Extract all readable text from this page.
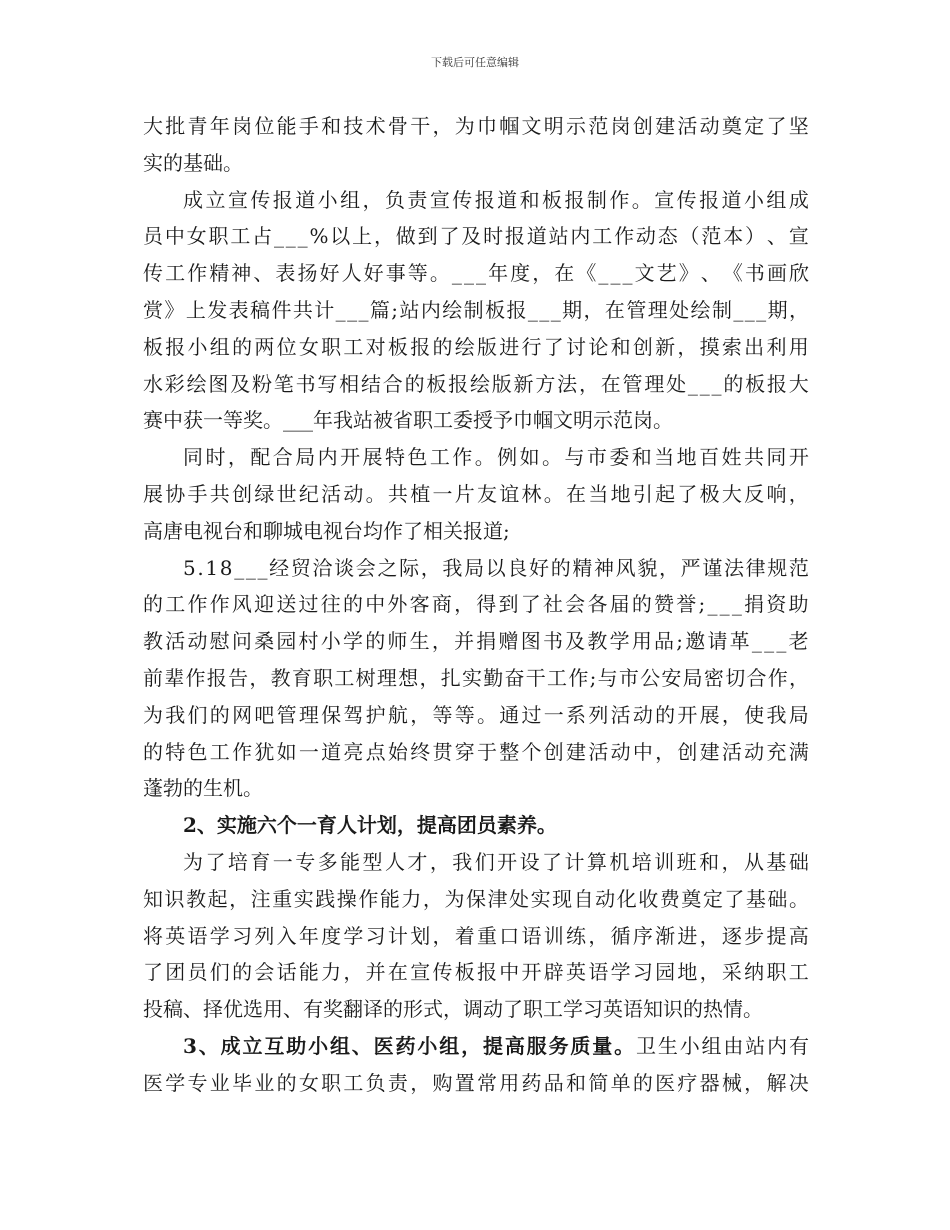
下载后可任意编辑
大 批 青 年 岗 位 能 手 和 技 术 骨 干 ， 为 巾 帼 文 明 示 范 岗 创 建 活 动 奠 定 了 坚
实 的 基 础 。
成 立 宣 传 报 道 小 组 ， 负 责 宣 传 报 道 和 板 报 制 作 。 宣 传 报 道 小 组 成
员 中 女 职 工 占 _ _ _ % 以 上 ， 做 到 了 及 时 报 道 站 内 工 作 动 态 （ 范 本 ） 、 宣
传 工 作 精 神 、 表 扬 好 人 好 事 等 。 _ _ _ 年 度 ， 在 《 _ _ _ 文 艺 》 、 《 书 画 欣
赏 》 上 发 表 稿 件 共 计 _ _ _ 篇 ; 站 内 绘 制 板 报 _ _ _ 期 ， 在 管 理 处 绘 制 _ _ _ 期 ，
板 报 小 组 的 两 位 女 职 工 对 板 报 的 绘 版 进 行 了 讨 论 和 创 新 ， 摸 索 出 利 用
水 彩 绘 图 及 粉 笔 书 写 相 结 合 的 板 报 绘 版 新 方 法 ， 在 管 理 处 _ _ _ 的 板 报 大
赛 中 获 一 等 奖 。 _ _ _ 年 我 站 被 省 职 工 委 授 予 巾 帼 文 明 示 范 岗 。
同 时 ， 配 合 局 内 开 展 特 色 工 作 。 例 如 。 与 市 委 和 当 地 百 姓 共 同 开
展 协 手 共 创 绿 世 纪 活 动 。 共 植 一 片 友 谊 林 。 在 当 地 引 起 了 极 大 反 响 ，
高 唐 电 视 台 和 聊 城 电 视 台 均 作 了 相 关 报 道 ;
5 . 1 8 _ _ _ 经 贸 洽 谈 会 之 际 ， 我 局 以 良 好 的 精 神 风 貌 ， 严 谨 法 律 规 范
的 工 作 作 风 迎 送 过 往 的 中 外 客 商 ， 得 到 了 社 会 各 届 的 赞 誉 ; _ _ _ 捐 资 助
教 活 动 慰 问 桑 园 村 小 学 的 师 生 ， 并 捐 赠 图 书 及 教 学 用 品 ; 邀 请 革 _ _ _ 老
前 辈 作 报 告 ， 教 育 职 工 树 理 想 ， 扎 实 勤 奋 干 工 作 ; 与 市 公 安 局 密 切 合 作 ，
为 我 们 的 网 吧 管 理 保 驾 护 航 ， 等 等 。 通 过 一 系 列 活 动 的 开 展 ， 使 我 局
的 特 色 工 作 犹 如 一 道 亮 点 始 终 贯 穿 于 整 个 创 建 活 动 中 ， 创 建 活 动 充 满
蓬 勃 的 生 机 。
2 、 实 施 六 个 一 育 人 计 划 ， 提 高 团 员 素 养 。
为 了 培 育 一 专 多 能 型 人 才 ， 我 们 开 设 了 计 算 机 培 训 班 和 ， 从 基 础
知 识 教 起 ， 注 重 实 践 操 作 能 力 ， 为 保 津 处 实 现 自 动 化 收 费 奠 定 了 基 础 。
将 英 语 学 习 列 入 年 度 学 习 计 划 ， 着 重 口 语 训 练 ， 循 序 渐 进 ， 逐 步 提 高
了 团 员 们 的 会 话 能 力 ， 并 在 宣 传 板 报 中 开 辟 英 语 学 习 园 地 ， 采 纳 职 工
投 稿 、 择 优 选 用 、 有 奖 翻 译 的 形 式 ， 调 动 了 职 工 学 习 英 语 知 识 的 热 情 。
3 、 成 立 互 助 小 组 、 医 药 小 组 ， 提 高 服 务 质 量 。 卫 生 小 组 由 站 内 有
医 学 专 业 毕 业 的 女 职 工 负 责 ， 购 置 常 用 药 品 和 简 单 的 医 疗 器 械 ， 解 决
